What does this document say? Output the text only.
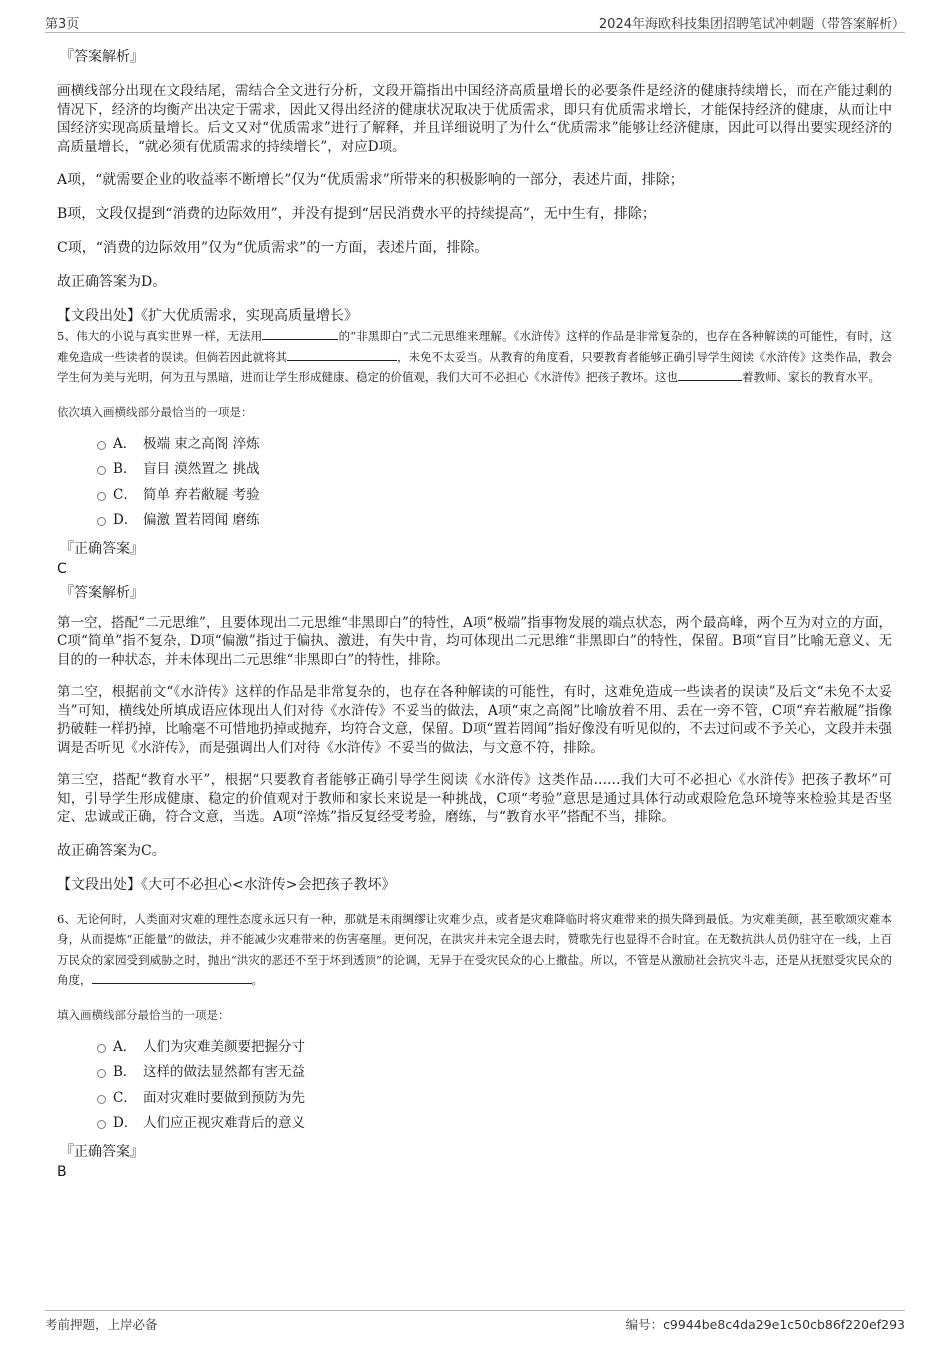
第3页	2024年海欧科技集团招聘笔试冲刺题（带答案解析）
『答案解析』
画横线部分出现在文段结尾，需结合全文进行分析，文段开篇指出中国经济高质量增长的必要条件是经济的健康持续增长，而在产能过剩的情况下，经济的均衡产出决定于需求，因此又得出经济的健康状况取决于优质需求，即只有优质需求增长，才能保持经济的健康，从而让中国经济实现高质量增长。后文又对“优质需求”进行了解释，并且详细说明了为什么“优质需求”能够让经济健康，因此可以得出要实现经济的高质量增长，“就必须有优质需求的持续增长”，对应D项。
A项，“就需要企业的收益率不断增长”仅为“优质需求”所带来的积极影响的一部分，表述片面，排除；
B项，文段仅提到“消费的边际效用”，并没有提到“居民消费水平的持续提高”，无中生有，排除；
C项，“消费的边际效用”仅为“优质需求”的一方面，表述片面，排除。
故正确答案为D。
【文段出处】《扩大优质需求，实现高质量增长》
5、伟大的小说与真实世界一样，无法用	的“非黑即白”式二元思维来理解。《水浒传》这样的作品是非常复杂的，也存在各种解读的可能性，有时，这难免造成一些读者的误读。但倘若因此就将其	，未免不太妥当。从教育的角度看，只要教育者能够正确引导学生阅读《水浒传》这类作品，教会学生何为美与光明，何为丑与黑暗，进而让学生形成健康、稳定的价值观，我们大可不必担心《水浒传》把孩子教坏。这也	着教师、家长的教育水平。
依次填入画横线部分最恰当的一项是：
A． 极端 束之高阁 淬炼
B． 盲目 漠然置之 挑战
C． 简单 弃若敝屣 考验
D． 偏激 置若罔闻 磨练
『正确答案』
C
『答案解析』
第一空，搭配“二元思维”，且要体现出二元思维“非黑即白”的特性，A项“极端”指事物发展的端点状态，两个最高峰，两个互为对立的方面，C项“简单”指不复杂，D项“偏激”指过于偏执、激进，有失中肯，均可体现出二元思维“非黑即白”的特性，保留。B项“盲目”比喻无意义、无目的的一种状态，并未体现出二元思维“非黑即白”的特性，排除。
第二空，根据前文“《水浒传》这样的作品是非常复杂的，也存在各种解读的可能性，有时，这难免造成一些读者的误读”及后文“未免不太妥当”可知，横线处所填成语应体现出人们对待《水浒传》不妥当的做法，A项“束之高阁”比喻放着不用、丢在一旁不管，C项“弃若敝屣”指像扔破鞋一样扔掉，比喻毫不可惜地扔掉或抛弃，均符合文意，保留。D项“置若罔闻”指好像没有听见似的，不去过问或不予关心，文段并未强调是否听见《水浒传》，而是强调出人们对待《水浒传》不妥当的做法，与文意不符，排除。
第三空，搭配“教育水平”，根据“只要教育者能够正确引导学生阅读《水浒传》这类作品……我们大可不必担心《水浒传》把孩子教坏”可知，引导学生形成健康、稳定的价值观对于教师和家长来说是一种挑战，C项“考验”意思是通过具体行动或艰险危急环境等来检验其是否坚定、忠诚或正确，符合文意，当选。A项“淬炼”指反复经受考验，磨练，与“教育水平”搭配不当，排除。
故正确答案为C。
【文段出处】《大可不必担心<水浒传>会把孩子教坏》
6、无论何时，人类面对灾难的理性态度永远只有一种，那就是未雨绸缪让灾难少点，或者是灾难降临时将灾难带来的损失降到最低。为灾难美颜，甚至歌颂灾难本身，从而提炼“正能量”的做法，并不能减少灾难带来的伤害毫厘。更何况，在洪灾并未完全退去时，赞歌先行也显得不合时宜。在无数抗洪人员仍驻守在一线，上百万民众的家园受到威胁之时，抛出“洪灾的恶还不至于坏到透顶”的论调，无异于在受灾民众的心上撒盐。所以，不管是从激励社会抗灾斗志，还是从抚慰受灾民众的角度，	。
填入画横线部分最恰当的一项是：
A． 人们为灾难美颜要把握分寸
B． 这样的做法显然都有害无益
C． 面对灾难时要做到预防为先
D． 人们应正视灾难背后的意义
『正确答案』
B
考前押题，上岸必备	编号：c9944be8c4da29e1c50cb86f220ef293
